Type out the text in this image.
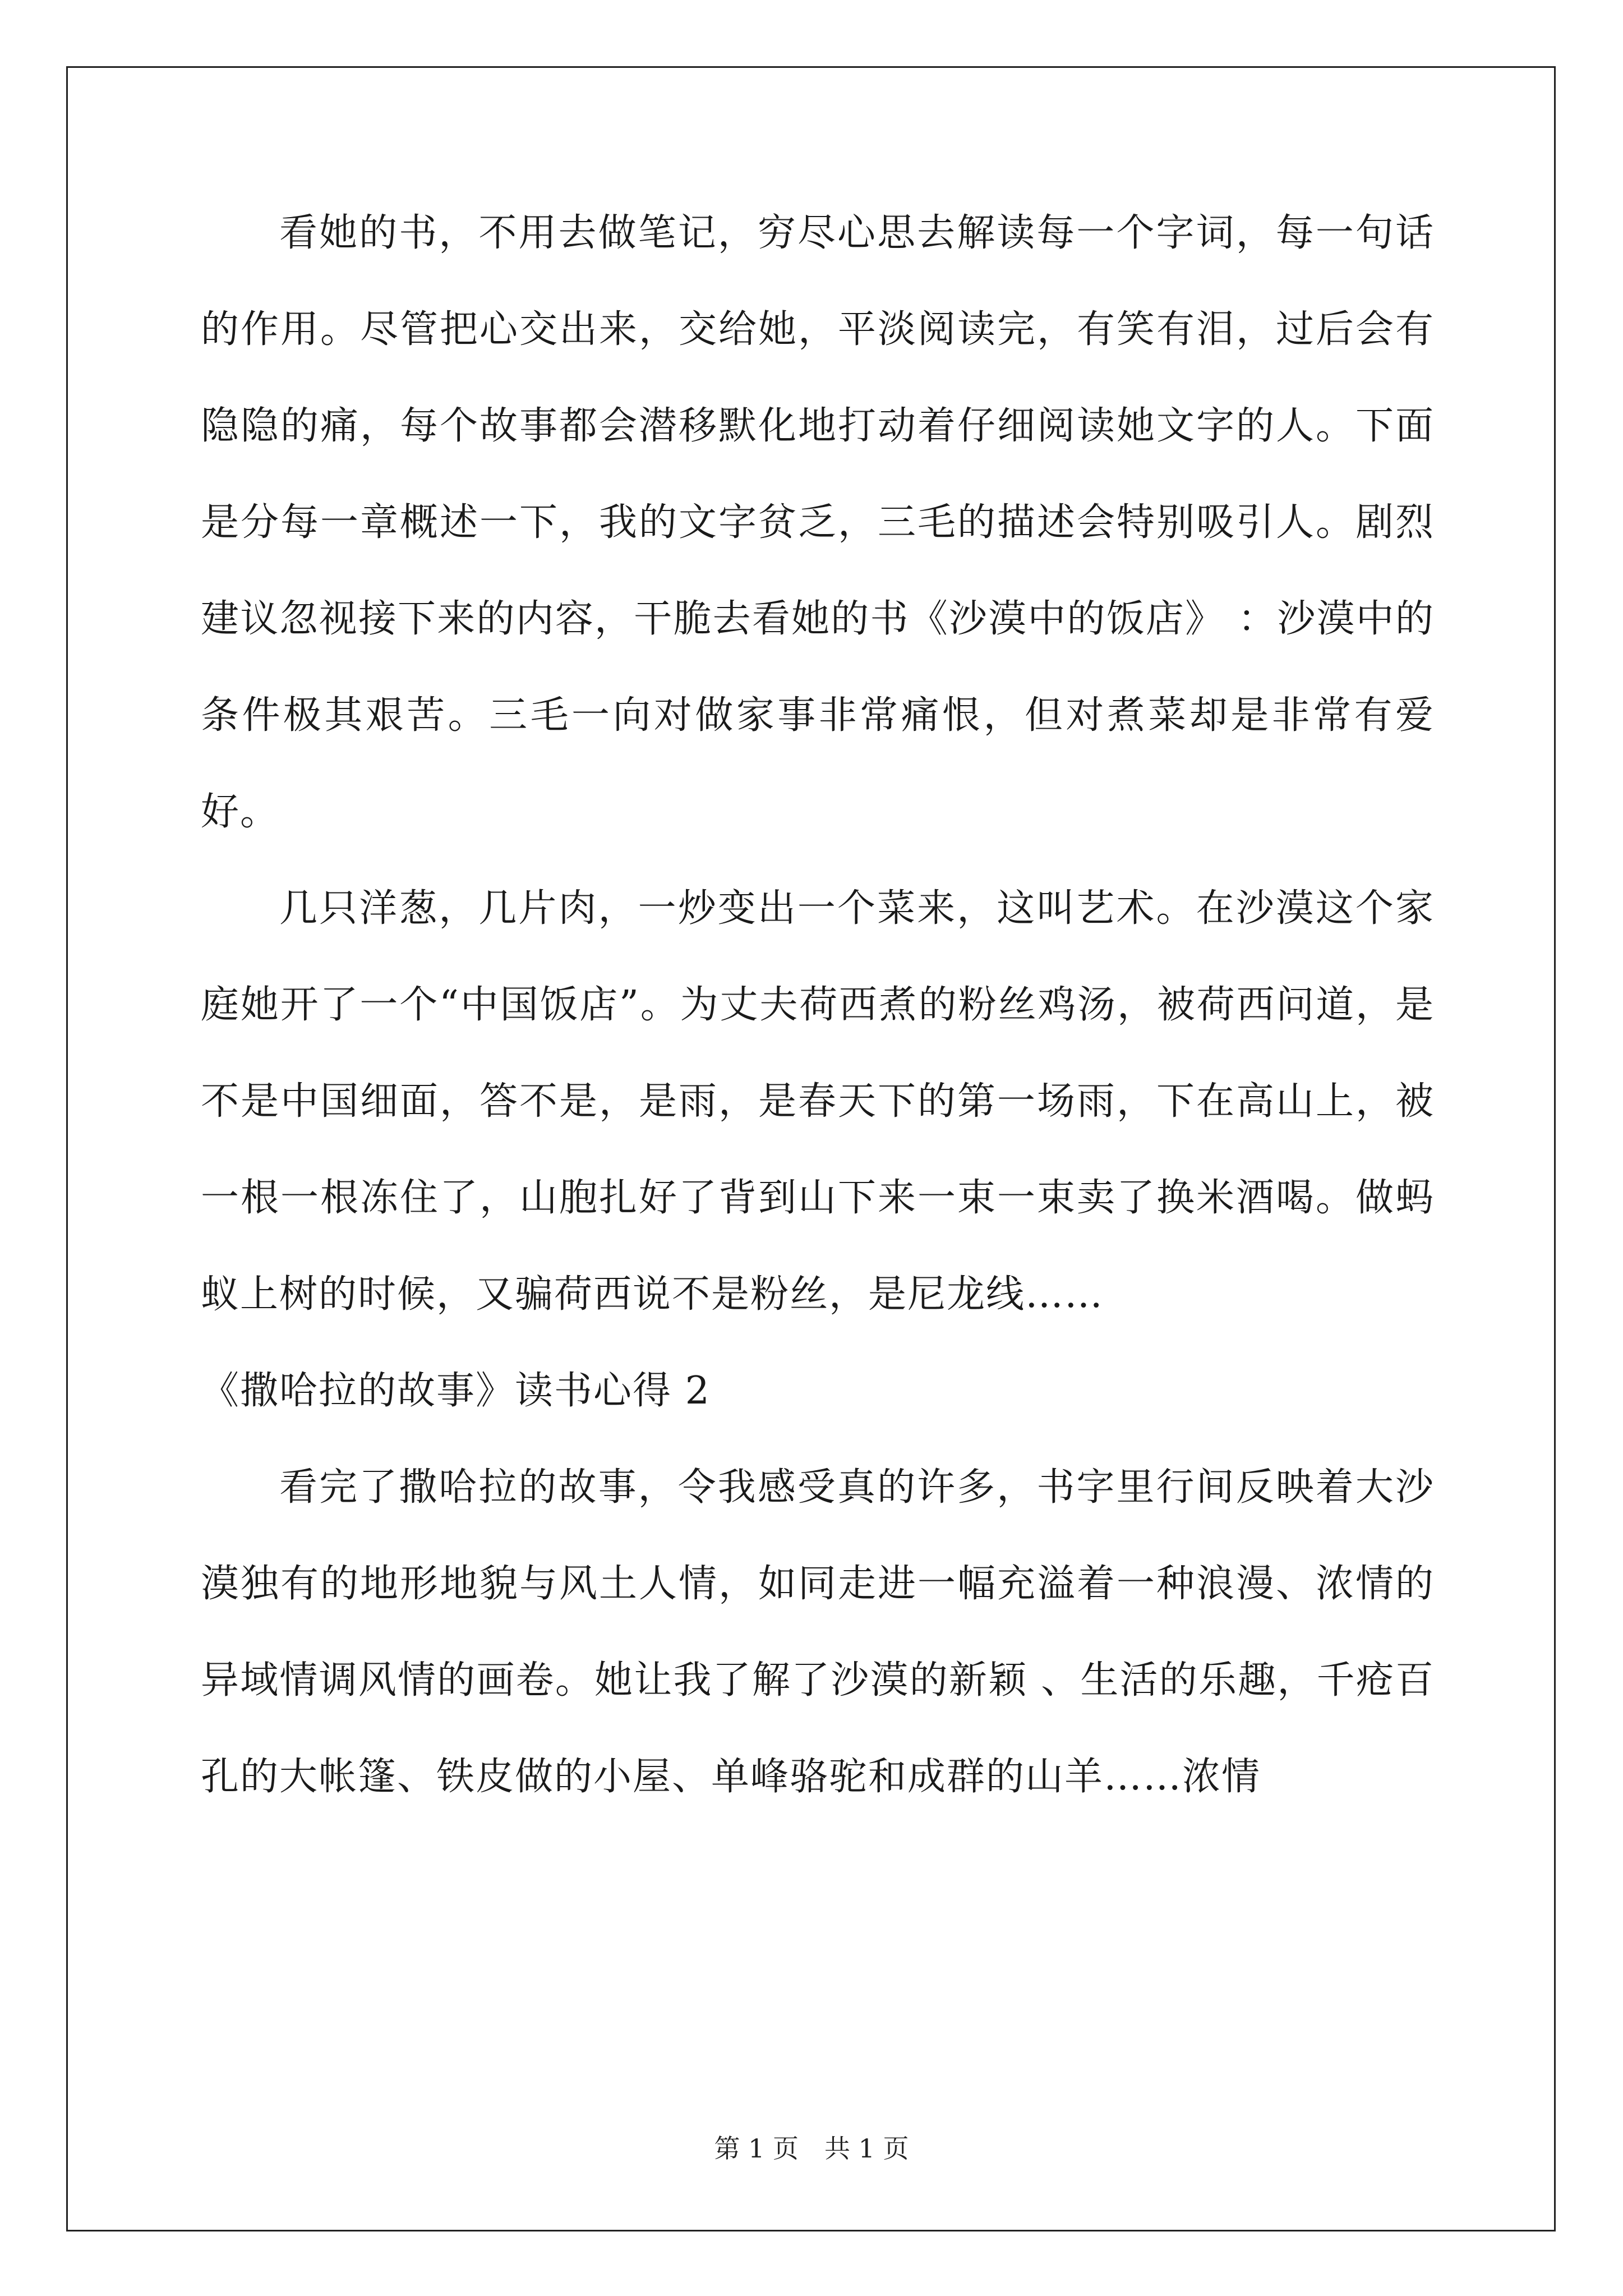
看她的书，不用去做笔记，穷尽心思去解读每一个字词，每一句话的作用。尽管把心交出来，交给她，平淡阅读完，有笑有泪，过后会有隐隐的痛，每个故事都会潜移默化地打动着仔细阅读她文字的人。下面是分每一章概述一下，我的文字贫乏，三毛的描述会特别吸引人。剧烈建议忽视接下来的内容，干脆去看她的书《沙漠中的饭店》 ：沙漠中的条件极其艰苦。三毛一向对做家事非常痛恨，但对煮菜却是非常有爱好。

几只洋葱，几片肉，一炒变出一个菜来，这叫艺术。在沙漠这个家庭她开了一个“中国饭店”。为丈夫荷西煮的粉丝鸡汤，被荷西问道，是不是中国细面，答不是，是雨，是春天下的第一场雨，下在高山上，被一根一根冻住了，山胞扎好了背到山下来一束一束卖了换米酒喝。做蚂蚁上树的时候，又骗荷西说不是粉丝，是尼龙线……

《撒哈拉的故事》读书心得 2

看完了撒哈拉的故事，令我感受真的许多，书字里行间反映着大沙漠独有的地形地貌与风土人情，如同走进一幅充溢着一种浪漫、浓情的异域情调风情的画卷。她让我了解了沙漠的新颖 、生活的乐趣，千疮百孔的大帐篷、铁皮做的小屋、单峰骆驼和成群的山羊……浓情

第 1 页　共 1 页
